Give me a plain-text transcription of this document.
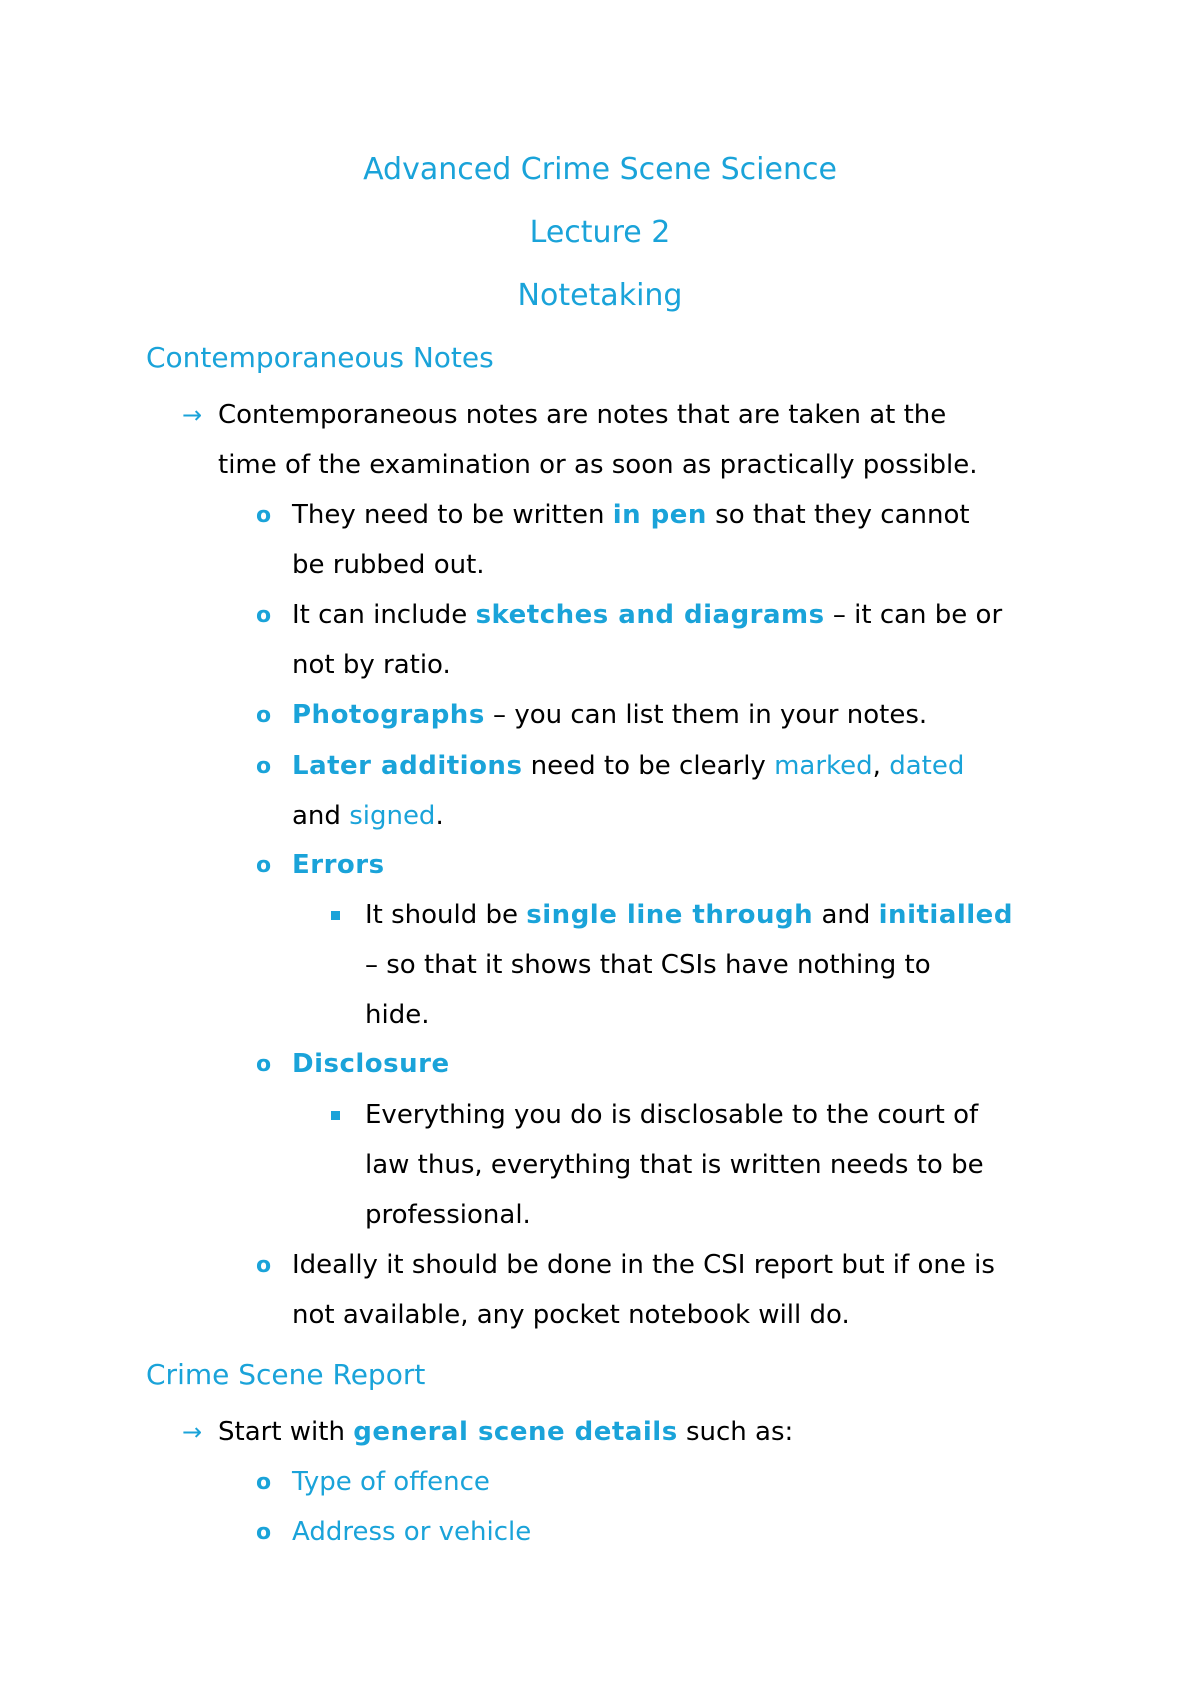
Advanced Crime Scene Science
Lecture 2
Notetaking
Contemporaneous Notes
→ Contemporaneous notes are notes that are taken at the
time of the examination or as soon as practically possible.
o They need to be written in pen so that they cannot
be rubbed out.
o It can include sketches and diagrams – it can be or
not by ratio.
o Photographs – you can list them in your notes.
o Later additions need to be clearly marked, dated
and signed.
o Errors
It should be single line through and initialled
– so that it shows that CSIs have nothing to
hide.
o Disclosure
Everything you do is disclosable to the court of
law thus, everything that is written needs to be
professional.
o Ideally it should be done in the CSI report but if one is
not available, any pocket notebook will do.
Crime Scene Report
→ Start with general scene details such as:
o Type of offence
o Address or vehicle
